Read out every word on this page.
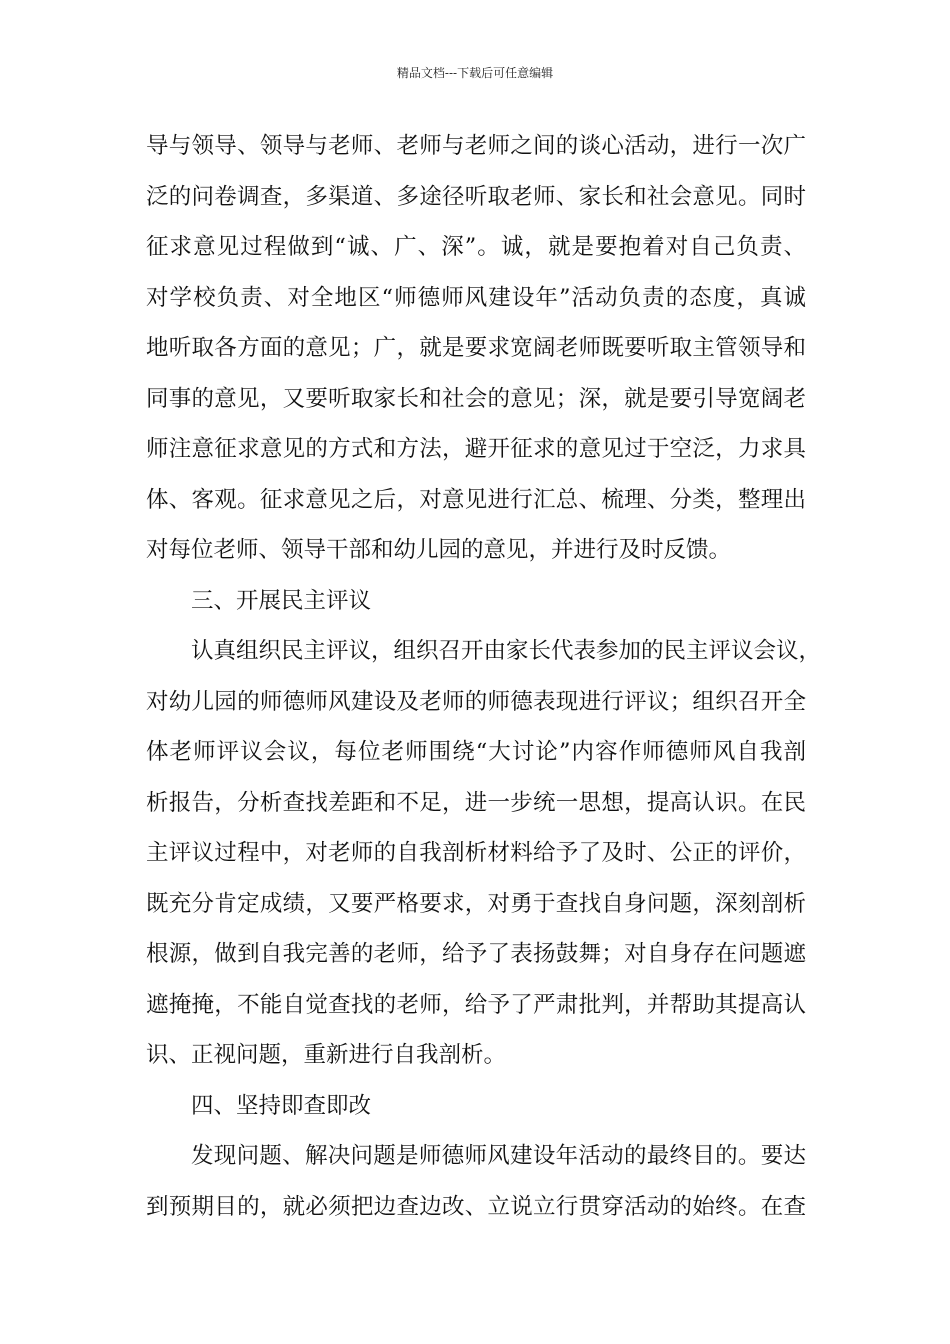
精品文档---下载后可任意编辑
导与领导、领导与老师、老师与老师之间的谈心活动，进行一次广
泛的问卷调查，多渠道、多途径听取老师、家长和社会意见。同时
征求意见过程做到“诚、广、深”。诚，就是要抱着对自己负责、
对学校负责、对全地区“师德师风建设年”活动负责的态度，真诚
地听取各方面的意见；广，就是要求宽阔老师既要听取主管领导和
同事的意见，又要听取家长和社会的意见；深，就是要引导宽阔老
师注意征求意见的方式和方法，避开征求的意见过于空泛，力求具
体、客观。征求意见之后，对意见进行汇总、梳理、分类，整理出
对每位老师、领导干部和幼儿园的意见，并进行及时反馈。
三、开展民主评议
认真组织民主评议，组织召开由家长代表参加的民主评议会议，
对幼儿园的师德师风建设及老师的师德表现进行评议；组织召开全
体老师评议会议，每位老师围绕“大讨论”内容作师德师风自我剖
析报告，分析查找差距和不足，进一步统一思想，提高认识。在民
主评议过程中，对老师的自我剖析材料给予了及时、公正的评价，
既充分肯定成绩，又要严格要求，对勇于查找自身问题，深刻剖析
根源，做到自我完善的老师，给予了表扬鼓舞；对自身存在问题遮
遮掩掩，不能自觉查找的老师，给予了严肃批判，并帮助其提高认
识、正视问题，重新进行自我剖析。
四、坚持即查即改
发现问题、解决问题是师德师风建设年活动的最终目的。要达
到预期目的，就必须把边查边改、立说立行贯穿活动的始终。在查
